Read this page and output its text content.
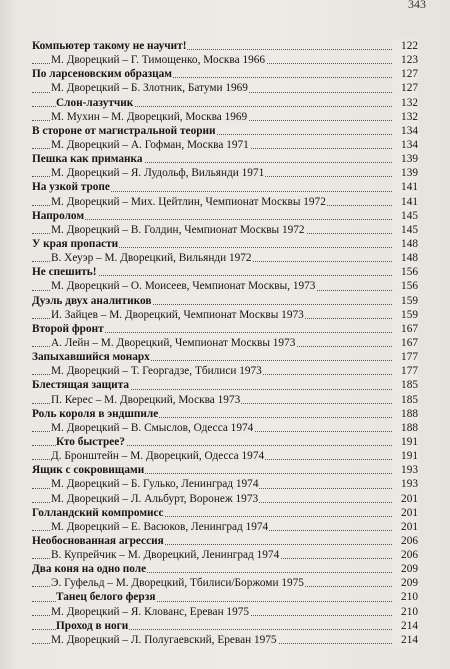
343
Компьютер такому не научит!	122
М. Дворецкий – Г. Тимощенко, Москва 1966	123
По ларсеновским образцам	127
М. Дворецкий – Б. Злотник, Батуми 1969	127
Слон-лазутчик	132
М. Мухин – М. Дворецкий, Москва 1969	132
В стороне от магистральной теории	134
М. Дворецкий – А. Гофман, Москва 1971	134
Пешка как приманка	139
М. Дворецкий – Я. Лудольф, Вильянди 1971	139
На узкой тропе	141
М. Дворецкий – Мих. Цейтлин, Чемпионат Москвы 1972	141
Напролом	145
М. Дворецкий – В. Голдин, Чемпионат Москвы 1972	145
У края пропасти	148
В. Хеуэр – М. Дворецкий, Вильянди 1972	148
Не спешить!	156
М. Дворецкий – О. Моисеев, Чемпионат Москвы, 1973	156
Дуэль двух аналитиков	159
И. Зайцев – М. Дворецкий, Чемпионат Москвы 1973	159
Второй фронт	167
А. Лейн – М. Дворецкий, Чемпионат Москвы 1973	167
Запыхавшийся монарх	177
М. Дворецкий – Т. Георгадзе, Тбилиси 1973	177
Блестящая защита	185
П. Керес – М. Дворецкий, Москва 1973	185
Роль короля в эндшпиле	188
М. Дворецкий – В. Смыслов, Одесса 1974	188
Кто быстрее?	191
Д. Бронштейн – М. Дворецкий, Одесса 1974	191
Ящик с сокровищами	193
М. Дворецкий – Б. Гулько, Ленинград 1974	193
М. Дворецкий – Л. Альбурт, Воронеж 1973	201
Голландский компромисс	201
М. Дворецкий – Е. Васюков, Ленинград 1974	201
Необоснованная агрессия	206
В. Купрейчик – М. Дворецкий, Ленинград 1974	206
Два коня на одно поле	209
Э. Гуфельд – М. Дворецкий, Тбилиси/Боржоми 1975	209
Танец белого ферзя	210
М. Дворецкий – Я. Клованс, Ереван 1975	210
Проход в ноги	214
М. Дворецкий – Л. Полугаевский, Ереван 1975	214
